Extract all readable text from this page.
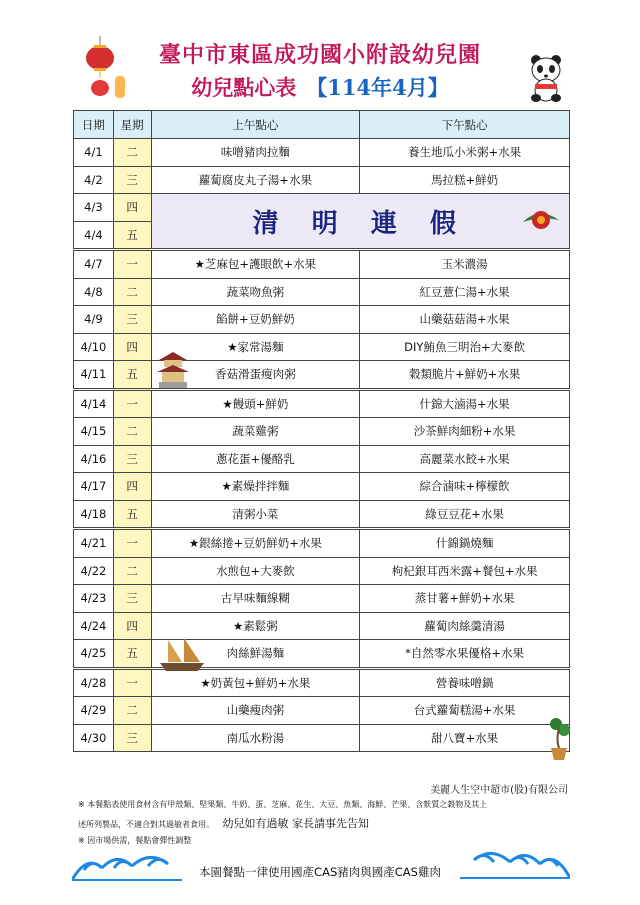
臺中市東區成功國小附設幼兒園
幼兒點心表 【114年4月】
日期	星期	上午點心	下午點心
4/1	二	味噌豬肉拉麵	養生地瓜小米粥+水果
4/2	三	蘿蔔腐皮丸子湯+水果	馬拉糕+鮮奶
4/3	四	清 明 連 假	

4/4	五		
4/7	一	★芝麻包+護眼飲+水果	玉米濃湯
4/8	二	蔬菜吻魚粥	紅豆薏仁湯+水果
4/9	三	餡餅+豆奶鮮奶	山藥菇菇湯+水果
4/10	四	★家常湯麵	DIY鮪魚三明治+大麥飲
4/11	五	香菇滑蛋瘦肉粥	穀類脆片+鮮奶+水果
4/14	一	★饅頭+鮮奶	什錦大滷湯+水果
4/15	二	蔬菜雞粥	沙茶鮮肉細粉+水果
4/16	三	蔥花蛋+優酪乳	高麗菜水餃+水果
4/17	四	★素燥拌拌麵	綜合滷味+檸檬飲
4/18	五	清粥小菜	綠豆豆花+水果
4/21	一	★銀絲捲+豆奶鮮奶+水果	什錦鍋燒麵
4/22	二	水煎包+大麥飲	枸杞銀耳西米露+餐包+水果
4/23	三	古早味麵線糊	蒸甘薯+鮮奶+水果
4/24	四	★素鬆粥	蘿蔔肉絲羹清湯
4/25	五	肉絲鮮湯麵	*自然零水果優格+水果
4/28	一	★奶黃包+鮮奶+水果	營養味噌鍋
4/29	二	山藥瘦肉粥	台式蘿蔔糕湯+水果
4/30	三	南瓜水粉湯	甜八寶+水果
美麗人生空中超市(股)有限公司
※ 本餐點表使用食材含有甲殼類、堅果類、牛奶、蛋、芝麻、花生、大豆、魚類、海鮮、芒果、含麩質之穀物及其上
述所列製品，不適合對其過敏者食用。 幼兒如有過敏 家長請事先告知
※ 因市場供需，餐點會彈性調整
本園餐點一律使用國產CAS豬肉與國產CAS雞肉
